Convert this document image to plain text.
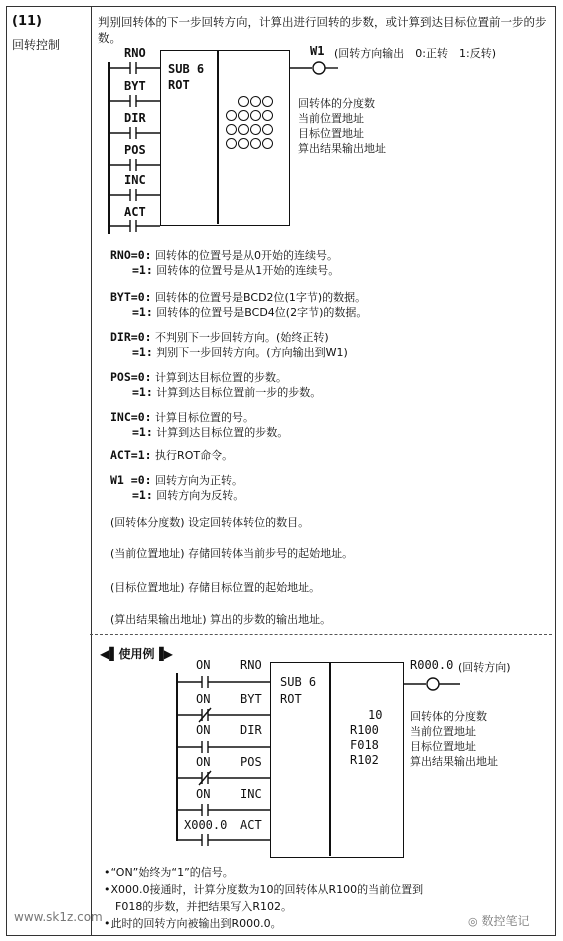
(11)
回转控制
判别回转体的下一步回转方向，计算出进行回转的步数，或计算到达目标位置前一步的步数。
RNO
BYT
DIR
POS
INC
ACT
SUB 6
ROT
W1 (回转方向输出　0:正转　1:反转)
回转体的分度数
当前位置地址
目标位置地址
算出结果输出地址
RNO=0: 回转体的位置号是从0开始的连续号。
=1: 回转体的位置号是从1开始的连续号。
BYT=0: 回转体的位置号是BCD2位(1字节)的数据。
=1: 回转体的位置号是BCD4位(2字节)的数据。
DIR=0: 不判别下一步回转方向。(始终正转)
=1: 判别下一步回转方向。(方向输出到W1)
POS=0: 计算到达目标位置的步数。
=1: 计算到达目标位置前一步的步数。
INC=0: 计算目标位置的号。
=1: 计算到达目标位置的步数。
ACT=1: 执行ROT命令。
W1 =0: 回转方向为正转。
=1: 回转方向为反转。
(回转体分度数) 设定回转体转位的数目。
(当前位置地址) 存储回转体当前步号的起始地址。
(目标位置地址) 存储目标位置的起始地址。
(算出结果输出地址) 算出的步数的输出地址。
◀▌使用例▐▶
ON RNO
ON BYT
ON DIR
ON POS
ON INC
X000.0 ACT
SUB 6
ROT
10
R100
F018
R102
R000.0 (回转方向)
回转体的分度数
当前位置地址
目标位置地址
算出结果输出地址
•“ON”始终为“1”的信号。
•X000.0接通时，计算分度数为10的回转体从R100的当前位置到
　F018的步数，并把结果写入R102。
•此时的回转方向被输出到R000.0。
www.sk1z.com	◎ 数控笔记
